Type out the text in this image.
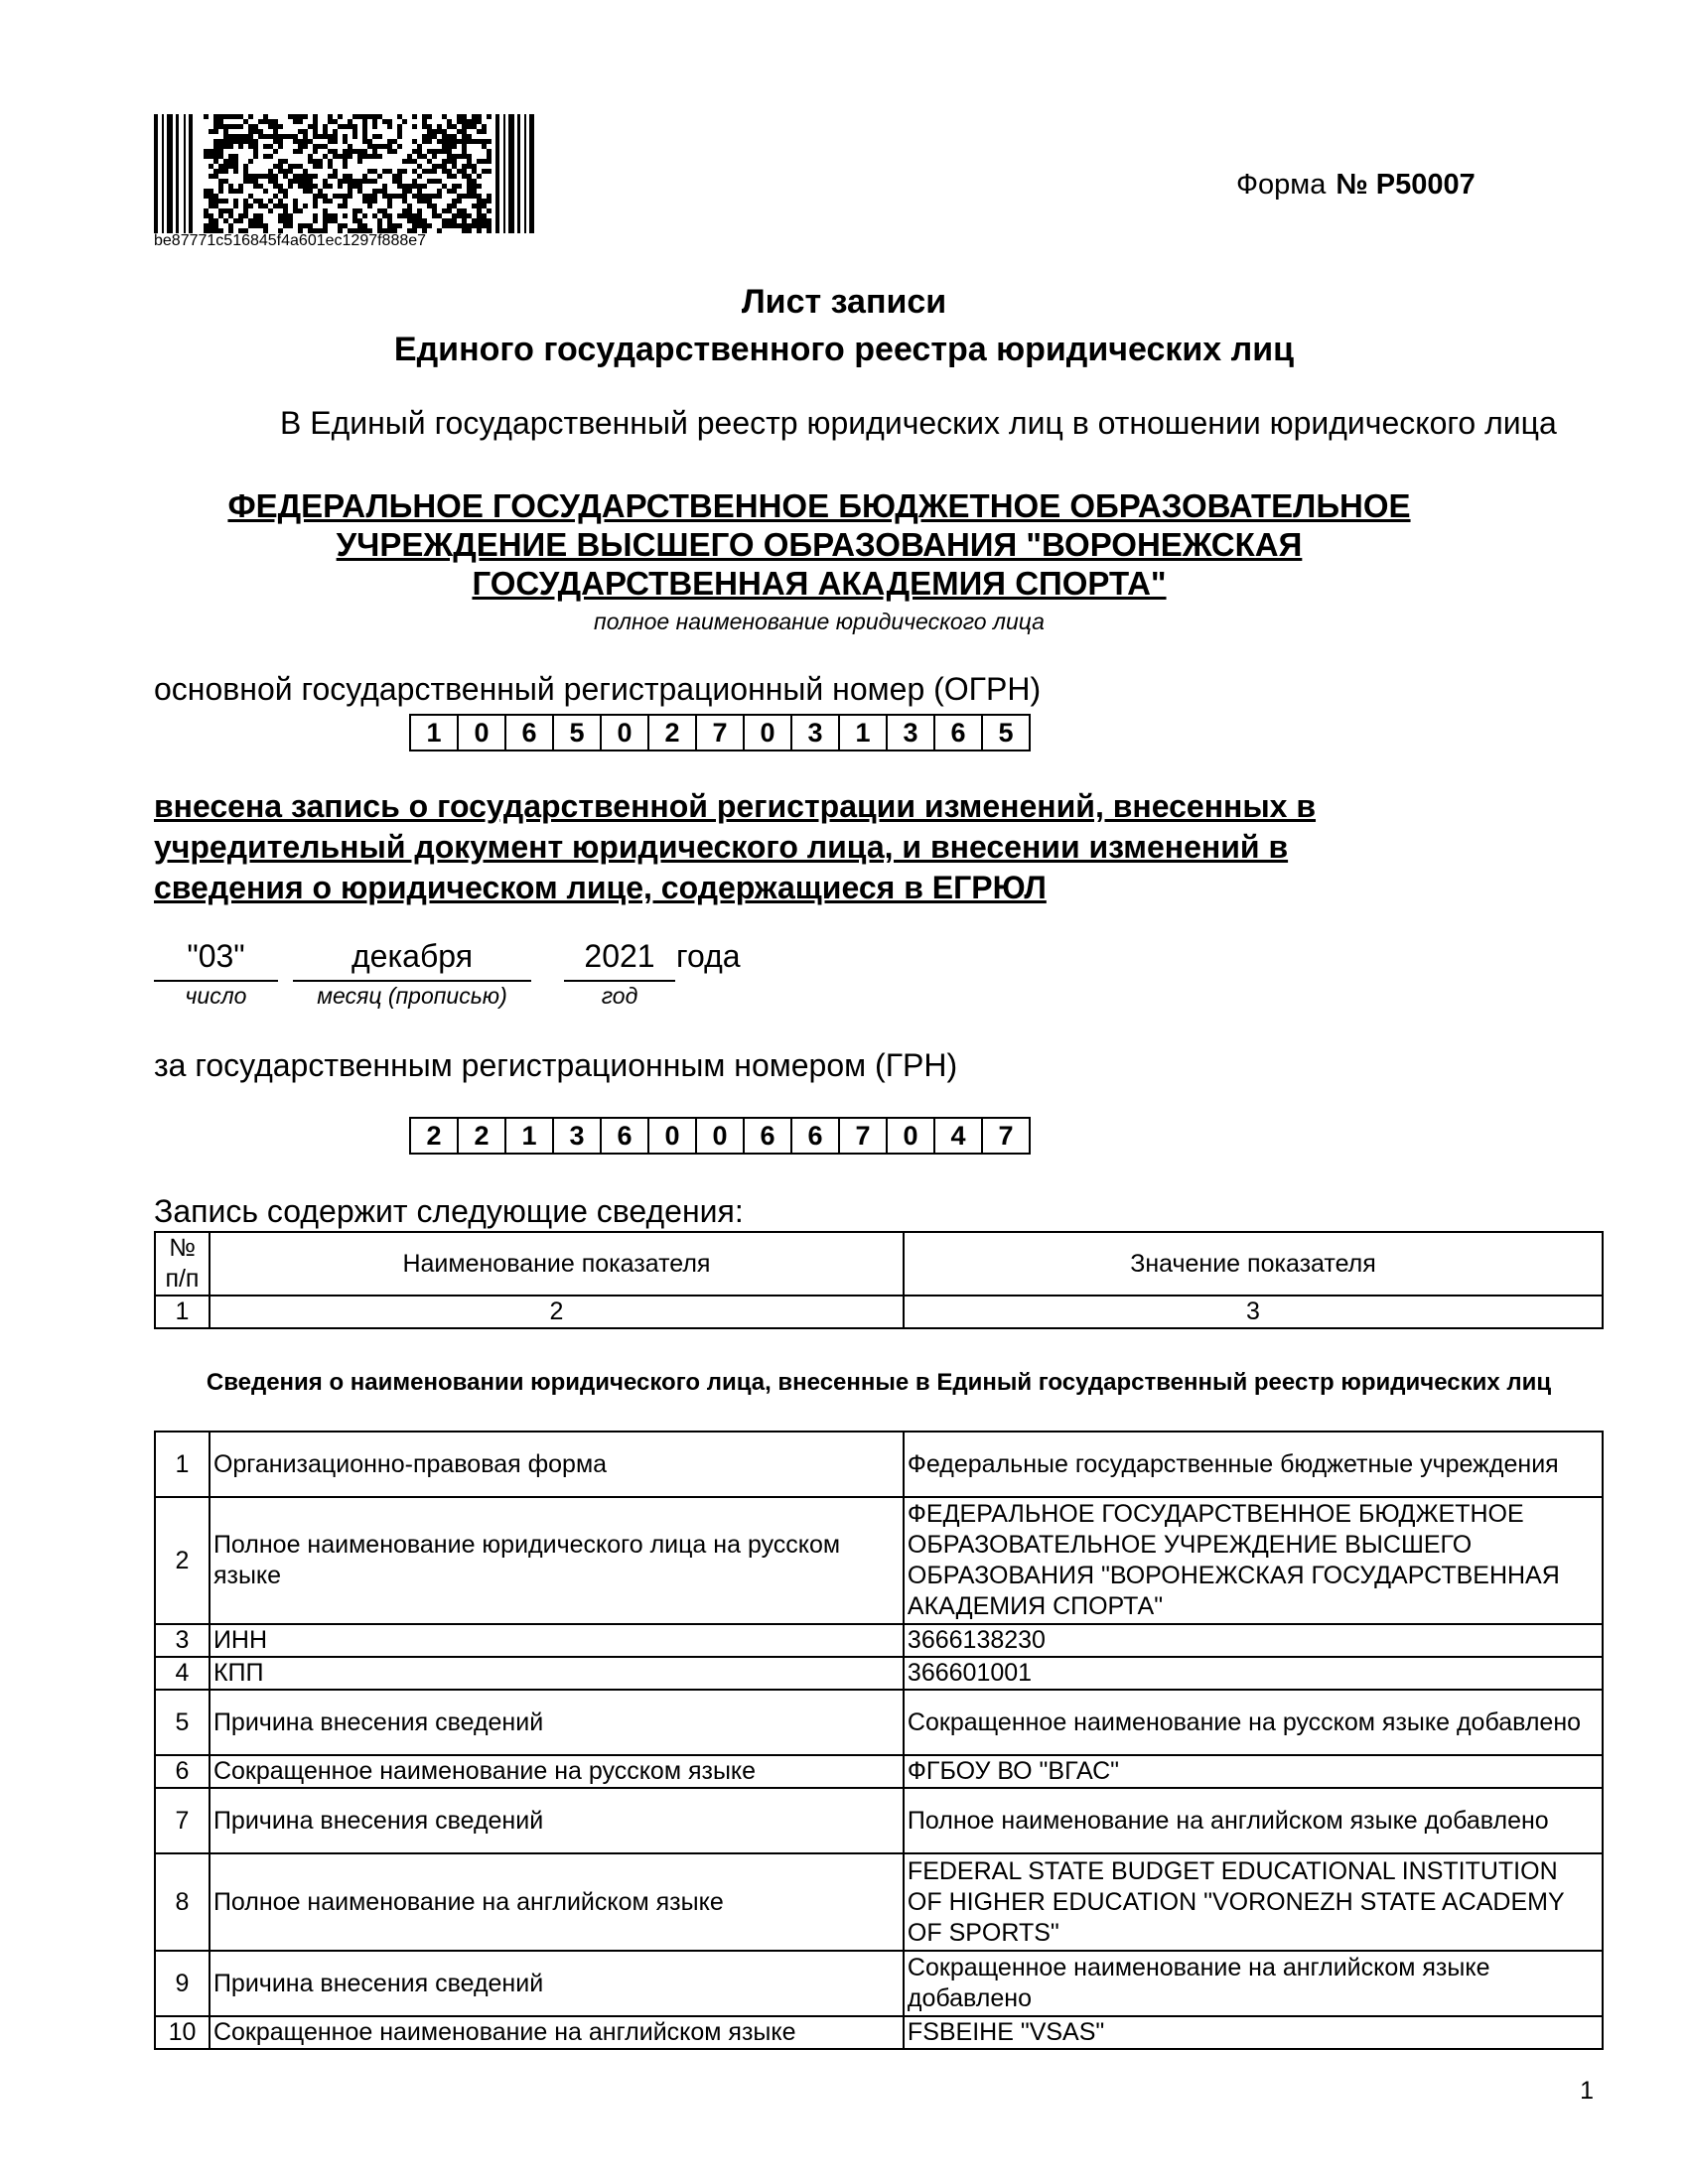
be87771c516845f4a601ec1297f888e7
Форма № Р50007
Лист записи
Единого государственного реестра юридических лиц
В Единый государственный реестр юридических лиц в отношении юридического лица
ФЕДЕРАЛЬНОЕ ГОСУДАРСТВЕННОЕ БЮДЖЕТНОЕ ОБРАЗОВАТЕЛЬНОЕ
УЧРЕЖДЕНИЕ ВЫСШЕГО ОБРАЗОВАНИЯ "ВОРОНЕЖСКАЯ
ГОСУДАРСТВЕННАЯ АКАДЕМИЯ СПОРТА"
полное наименование юридического лица
основной государственный регистрационный номер (ОГРН)
1	0	6	5	0	2	7	0	3	1	3	6	5
внесена запись о государственной регистрации изменений, внесенных в
учредительный документ юридического лица, и внесении изменений в
сведения о юридическом лице, содержащиеся в ЕГРЮЛ
"03"	декабря	2021 года
число	месяц (прописью)	год
за государственным регистрационным номером (ГРН)
2	2	1	3	6	0	0	6	6	7	0	4	7
Запись содержит следующие сведения:
№ п/п	Наименование показателя	Значение показателя
1	2	3
Сведения о наименовании юридического лица, внесенные в Единый государственный реестр юридических лиц
1	Организационно-правовая форма	Федеральные государственные бюджетные учреждения
2	Полное наименование юридического лица на русском языке	ФЕДЕРАЛЬНОЕ ГОСУДАРСТВЕННОЕ БЮДЖЕТНОЕ ОБРАЗОВАТЕЛЬНОЕ УЧРЕЖДЕНИЕ ВЫСШЕГО ОБРАЗОВАНИЯ "ВОРОНЕЖСКАЯ ГОСУДАРСТВЕННАЯ АКАДЕМИЯ СПОРТА"
3	ИНН	3666138230
4	КПП	366601001
5	Причина внесения сведений	Сокращенное наименование на русском языке добавлено
6	Сокращенное наименование на русском языке	ФГБОУ ВО "ВГАС"
7	Причина внесения сведений	Полное наименование на английском языке добавлено
8	Полное наименование на английском языке	FEDERAL STATE BUDGET EDUCATIONAL INSTITUTION OF HIGHER EDUCATION "VORONEZH STATE ACADEMY OF SPORTS"
9	Причина внесения сведений	Сокращенное наименование на английском языке добавлено
10	Сокращенное наименование на английском языке	FSBEIHE "VSAS"
1
